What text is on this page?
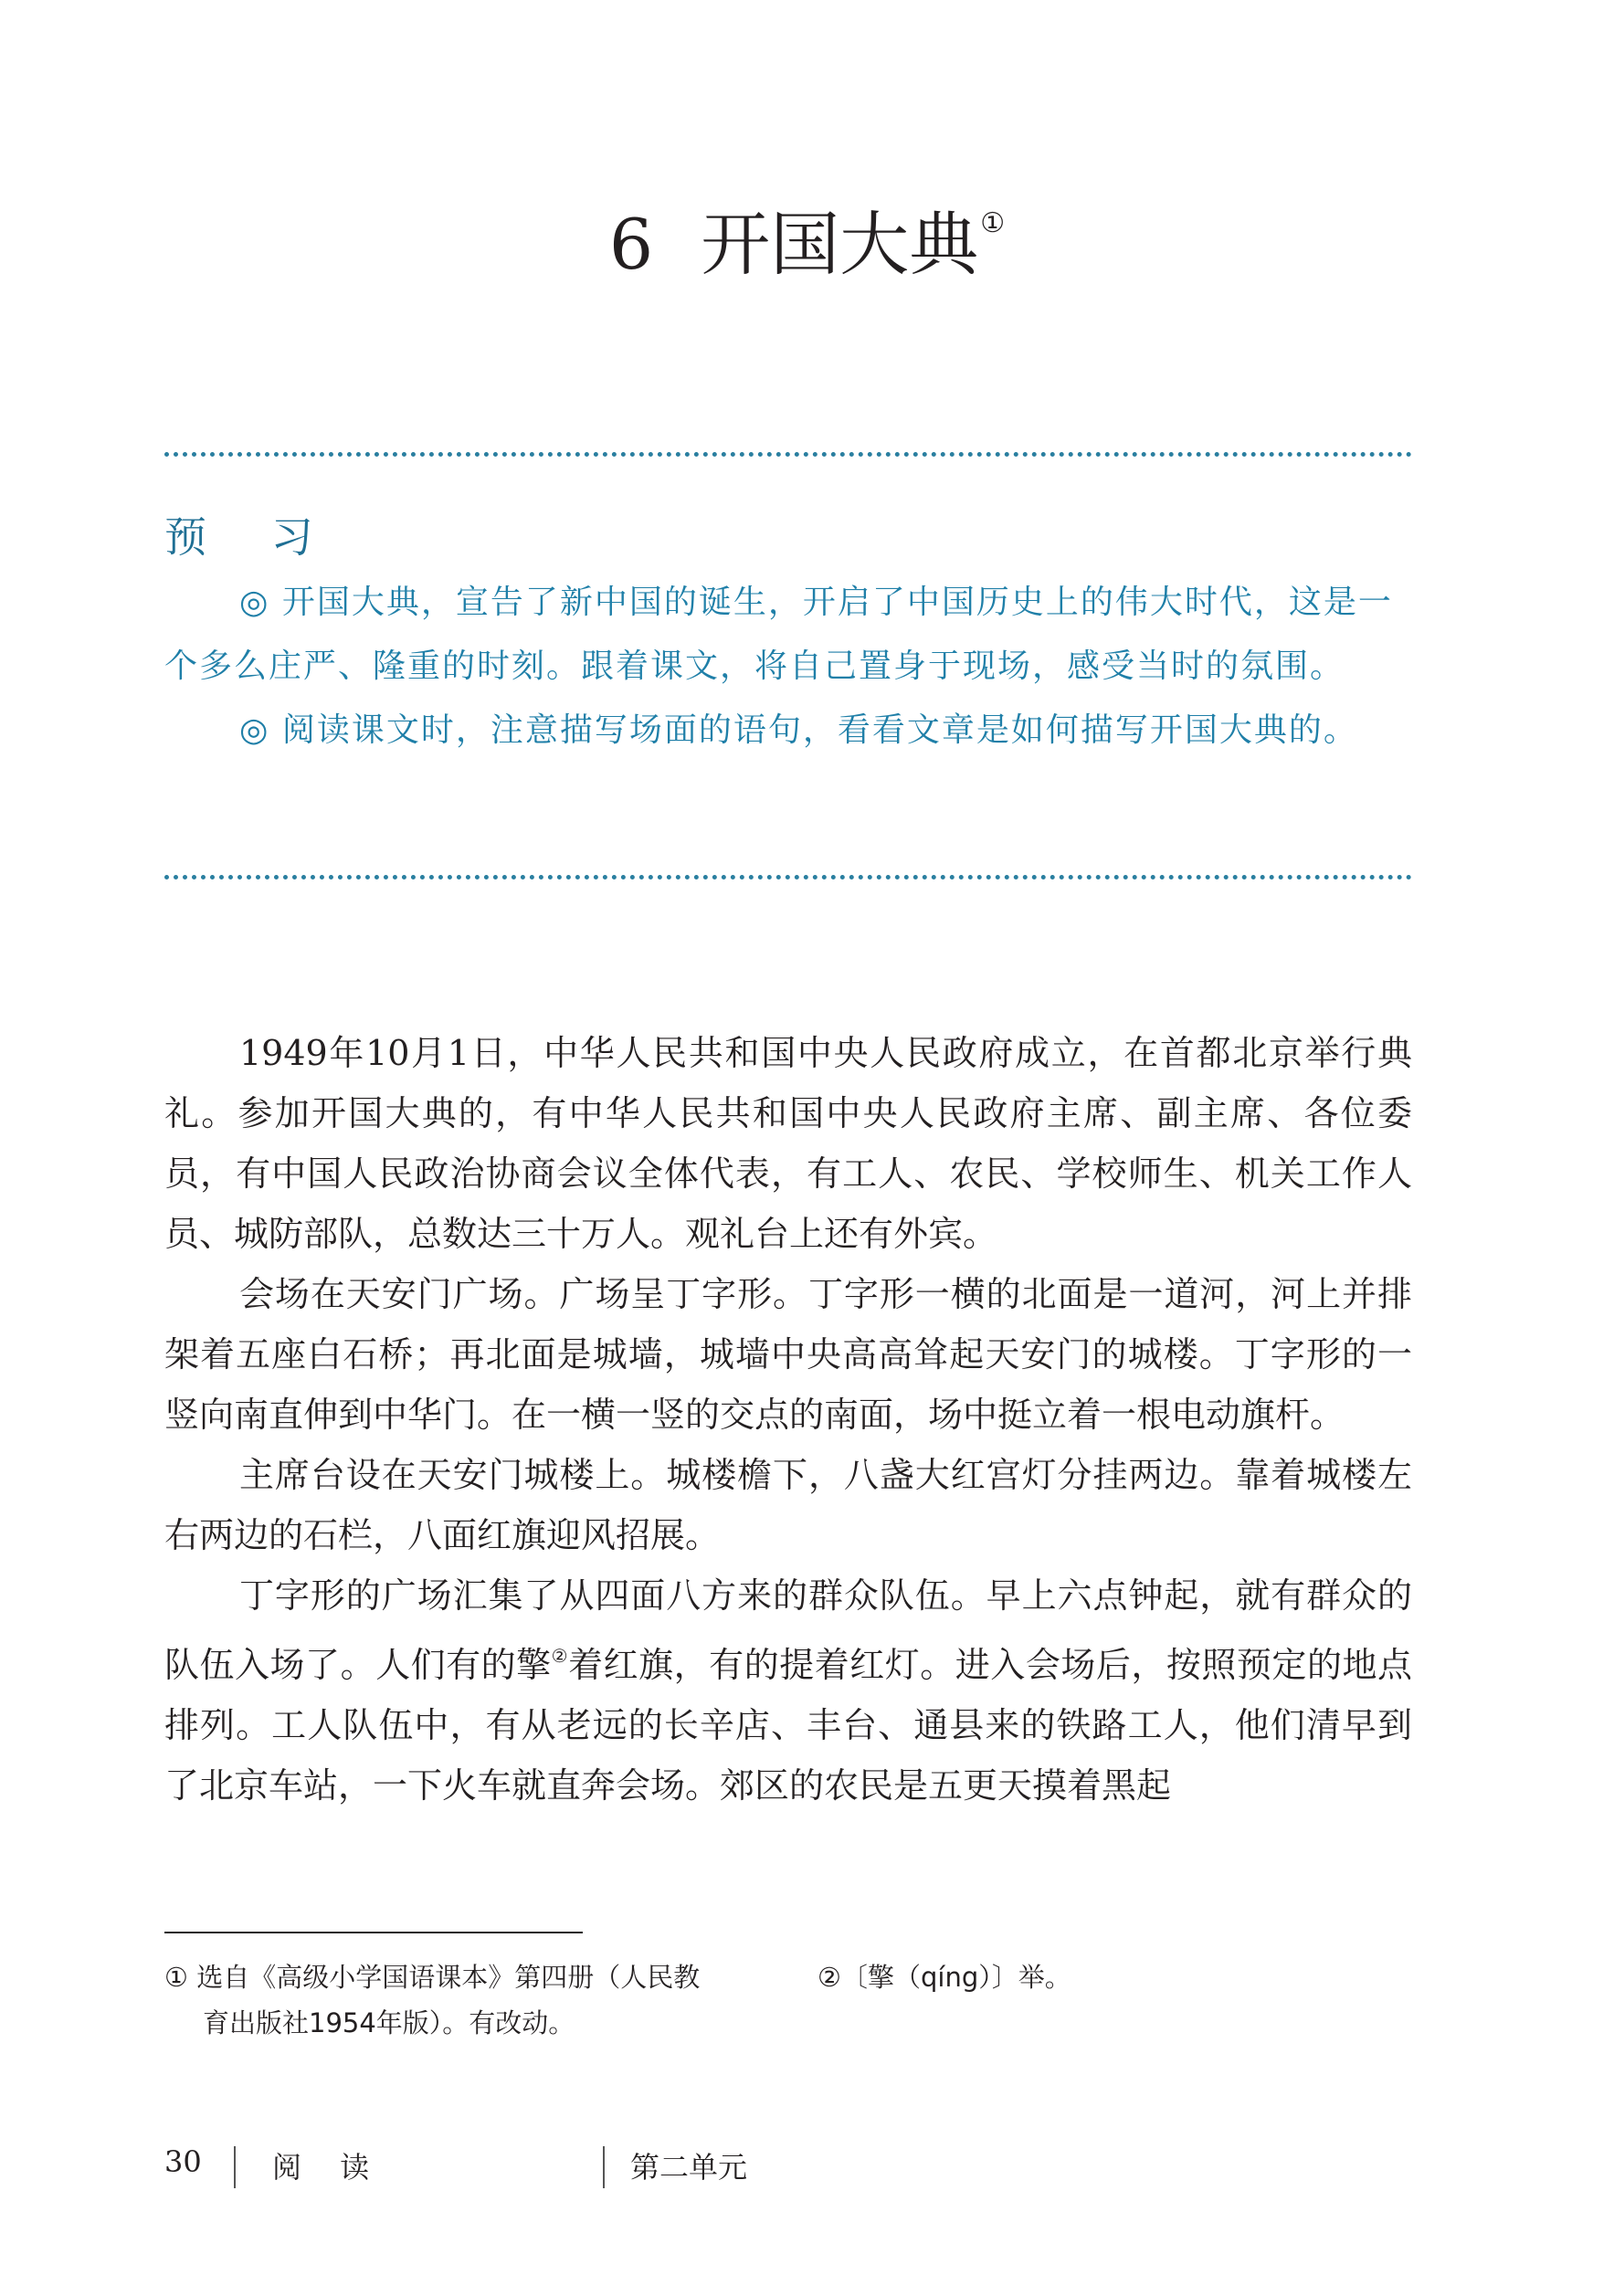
6 开国大典①
预 习

◎ 开国大典，宣告了新中国的诞生，开启了中国历史上的伟大时代，这是一个多么庄严、隆重的时刻。跟着课文，将自己置身于现场，感受当时的氛围。

◎ 阅读课文时，注意描写场面的语句，看看文章是如何描写开国大典的。

1949年10月1日，中华人民共和国中央人民政府成立，在首都北京举行典礼。参加开国大典的，有中华人民共和国中央人民政府主席、副主席、各位委员，有中国人民政治协商会议全体代表，有工人、农民、学校师生、机关工作人员、城防部队，总数达三十万人。观礼台上还有外宾。

会场在天安门广场。广场呈丁字形。丁字形一横的北面是一道河，河上并排架着五座白石桥；再北面是城墙，城墙中央高高耸起天安门的城楼。丁字形的一竖向南直伸到中华门。在一横一竖的交点的南面，场中挺立着一根电动旗杆。

主席台设在天安门城楼上。城楼檐下，八盏大红宫灯分挂两边。靠着城楼左右两边的石栏，八面红旗迎风招展。

丁字形的广场汇集了从四面八方来的群众队伍。早上六点钟起，就有群众的队伍入场了。人们有的擎②着红旗，有的提着红灯。进入会场后，按照预定的地点排列。工人队伍中，有从老远的长辛店、丰台、通县来的铁路工人，他们清早到了北京车站，一下火车就直奔会场。郊区的农民是五更天摸着黑起

① 选自《高级小学国语课本》第四册（人民教
育出版社1954年版）。有改动。
②〔擎（qíng）〕举。
30 阅 读	第二单元
